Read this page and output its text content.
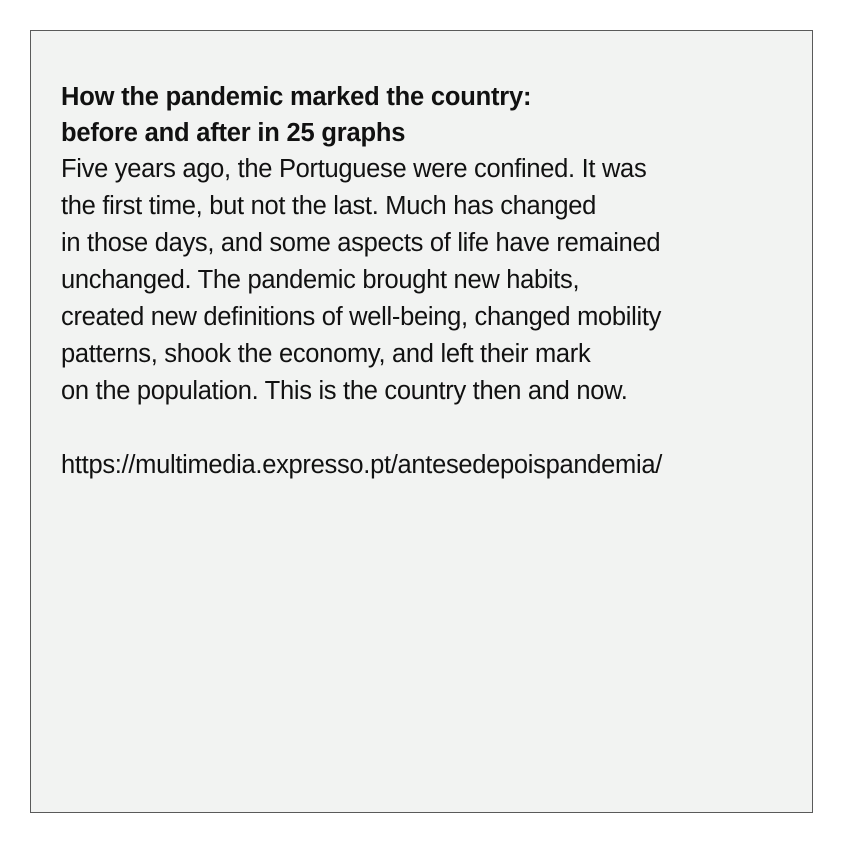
How the pandemic marked the country:
before and after in 25 graphs
Five years ago, the Portuguese were confined. It was
the first time, but not the last. Much has changed
in those days, and some aspects of life have remained
unchanged. The pandemic brought new habits,
created new definitions of well-being, changed mobility
patterns, shook the economy, and left their mark
on the population. This is the country then and now.
https://multimedia.expresso.pt/antesedepoispandemia/
